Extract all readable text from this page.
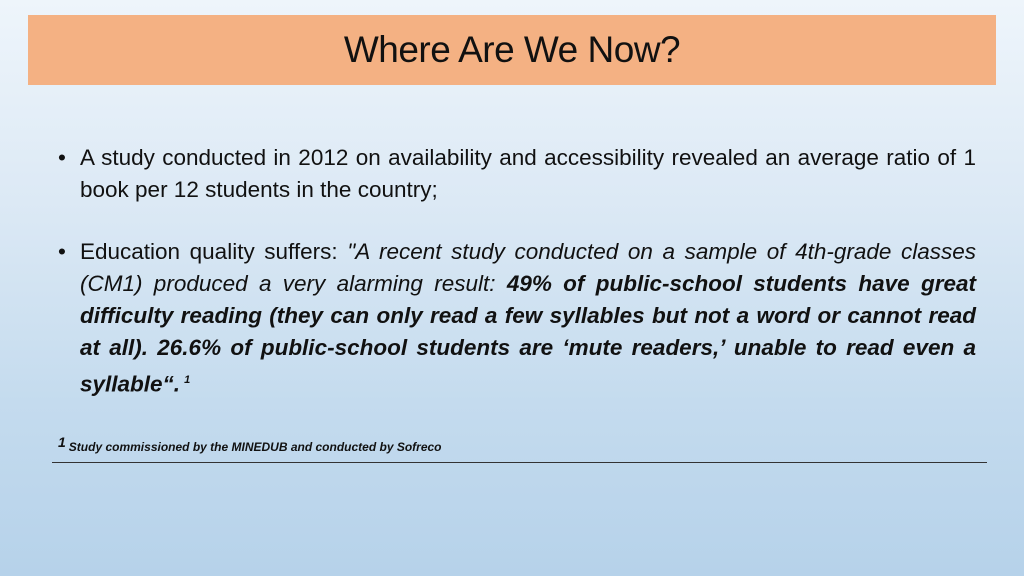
Where Are We Now?
• A study conducted in 2012 on availability and accessibility revealed an average ratio of 1 book per 12 students in the country;
• Education quality suffers: "A recent study conducted on a sample of 4th-grade classes (CM1) produced a very alarming result: 49% of public-school students have great difficulty reading (they can only read a few syllables but not a word or cannot read at all). 26.6% of public-school students are ‘mute readers,’ unable to read even a syllable“. $^1$
1 Study commissioned by the MINEDUB and conducted by Sofreco
